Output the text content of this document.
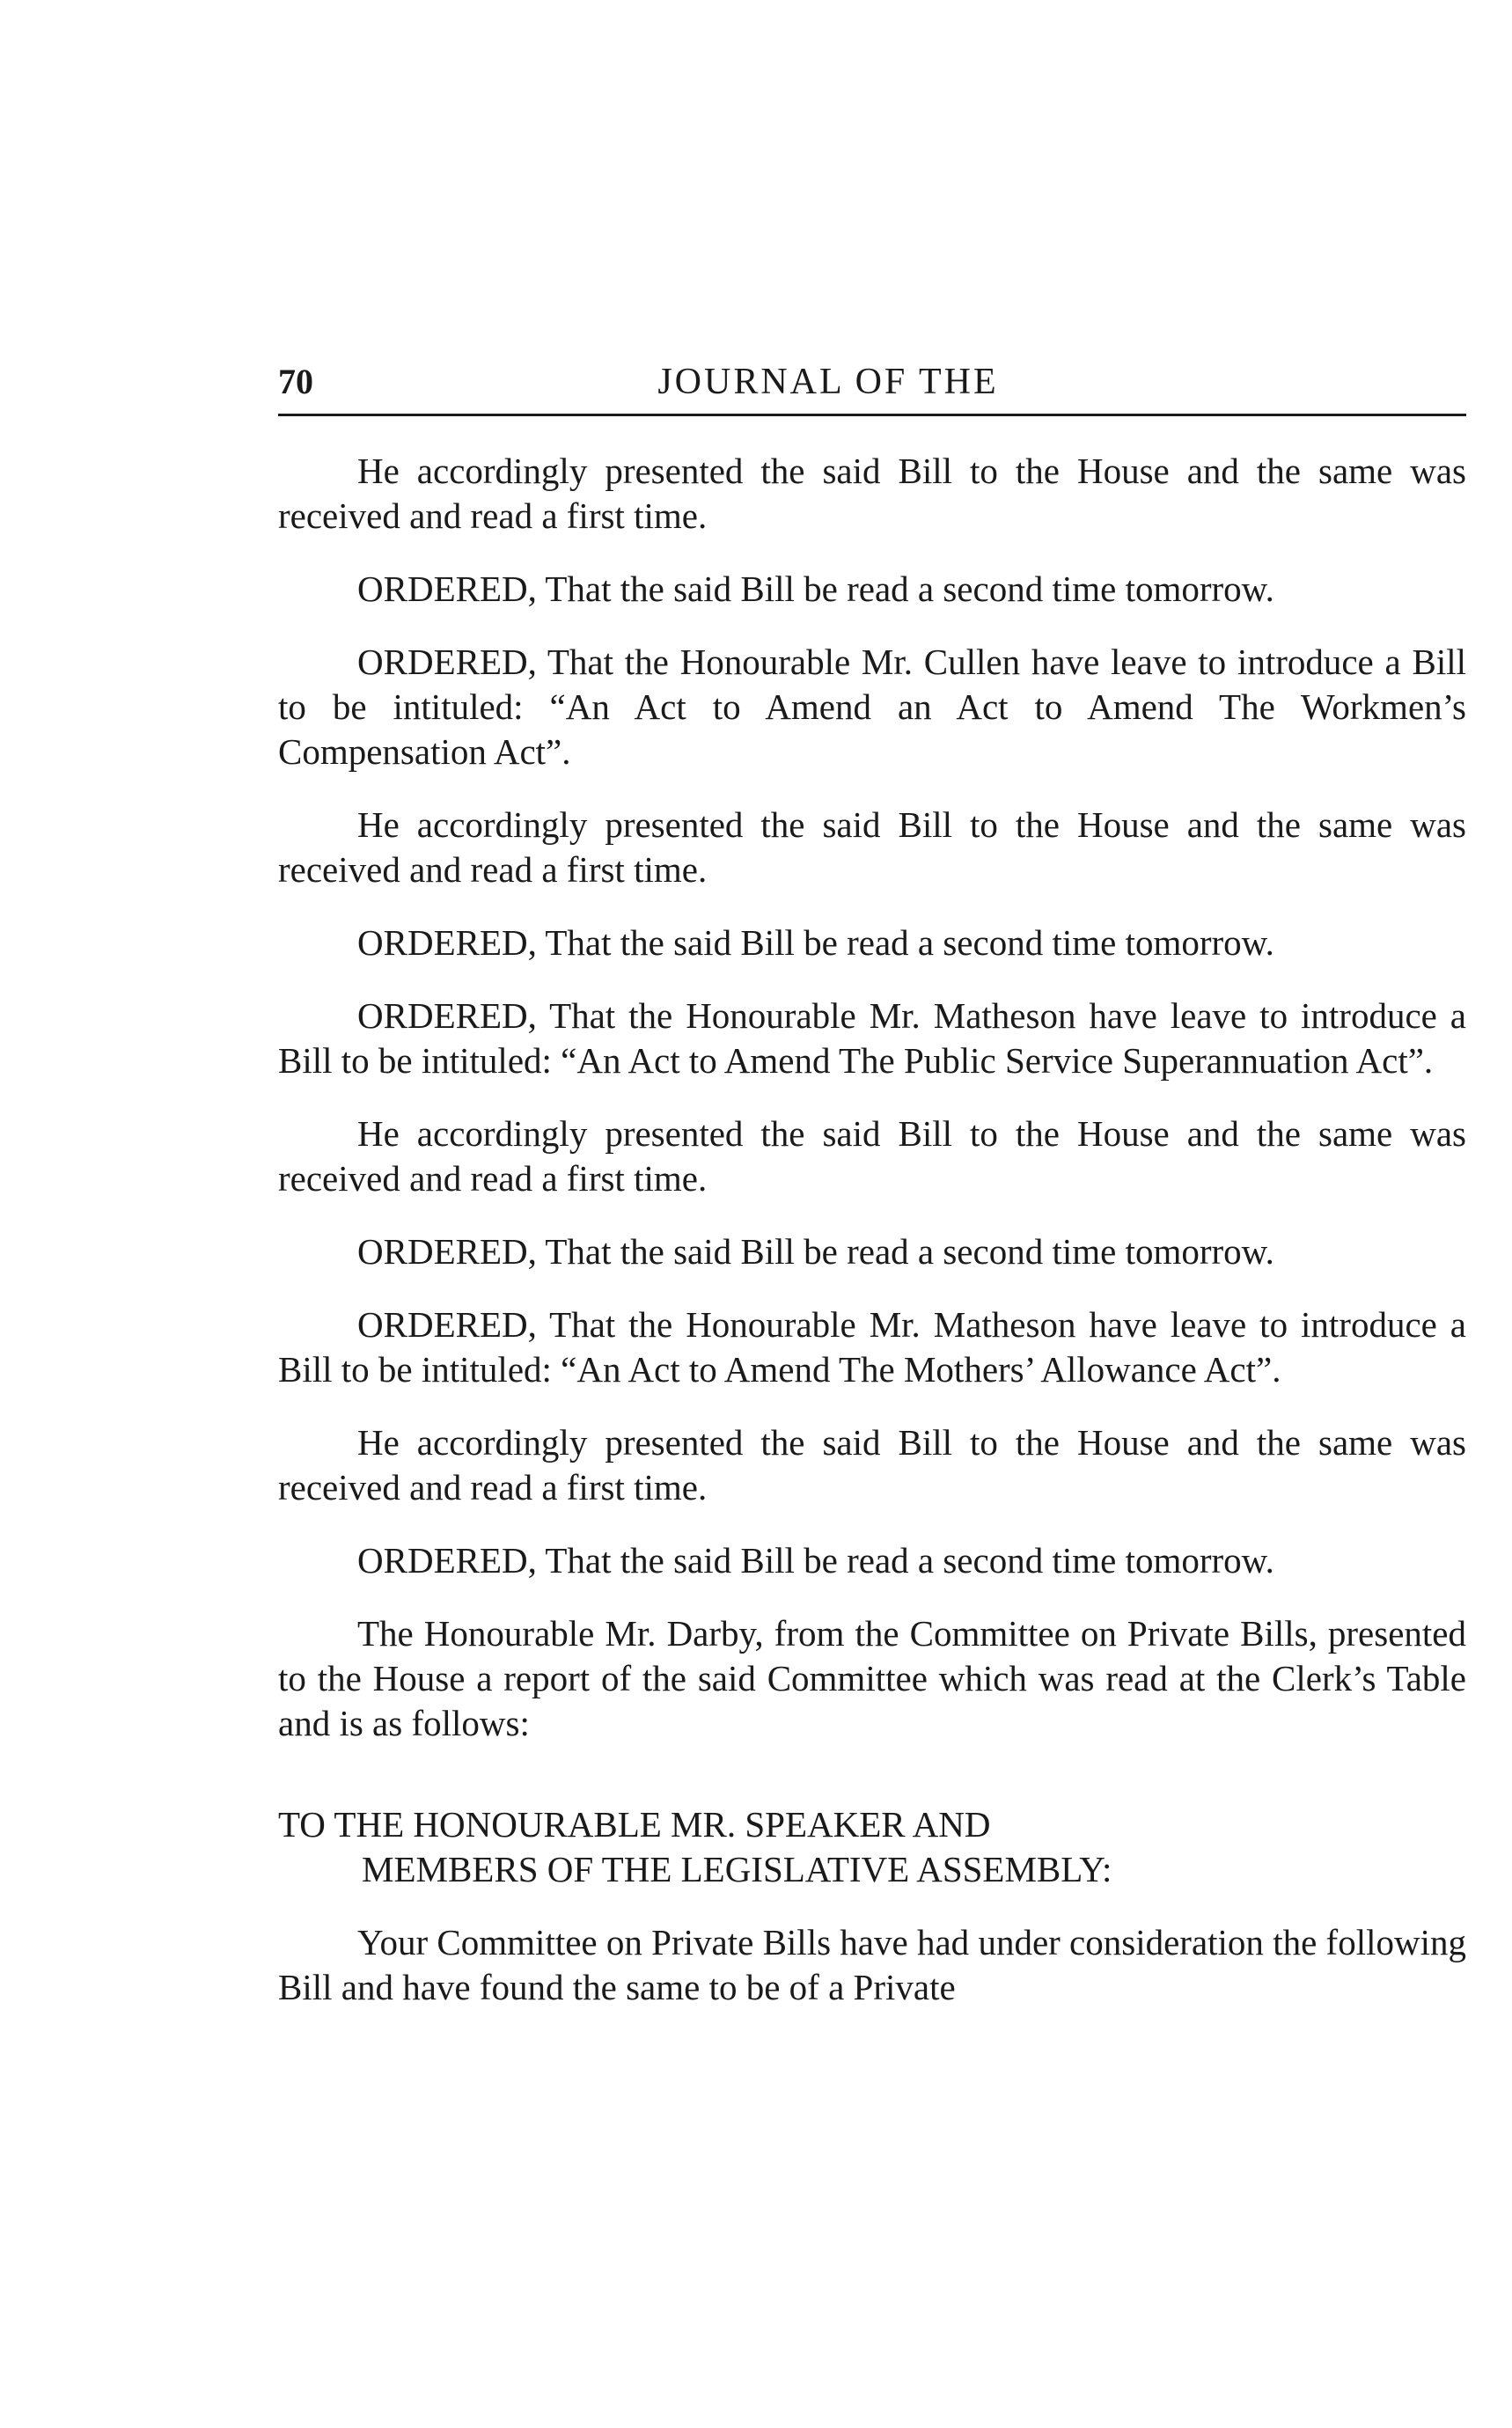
70	JOURNAL OF THE

He accordingly presented the said Bill to the House and the same was received and read a first time.

ORDERED, That the said Bill be read a second time tomorrow.

ORDERED, That the Honourable Mr. Cullen have leave to introduce a Bill to be intituled: “An Act to Amend an Act to Amend The Workmen’s Compensation Act”.

He accordingly presented the said Bill to the House and the same was received and read a first time.

ORDERED, That the said Bill be read a second time tomorrow.

ORDERED, That the Honourable Mr. Matheson have leave to introduce a Bill to be intituled: “An Act to Amend The Public Service Superannuation Act”.

He accordingly presented the said Bill to the House and the same was received and read a first time.

ORDERED, That the said Bill be read a second time tomorrow.

ORDERED, That the Honourable Mr. Matheson have leave to introduce a Bill to be intituled: “An Act to Amend The Mothers’ Allowance Act”.

He accordingly presented the said Bill to the House and the same was received and read a first time.

ORDERED, That the said Bill be read a second time tomorrow.

The Honourable Mr. Darby, from the Committee on Private Bills, presented to the House a report of the said Committee which was read at the Clerk’s Table and is as follows:

TO THE HONOURABLE MR. SPEAKER AND
MEMBERS OF THE LEGISLATIVE ASSEMBLY:

Your Committee on Private Bills have had under consideration the following Bill and have found the same to be of a Private
